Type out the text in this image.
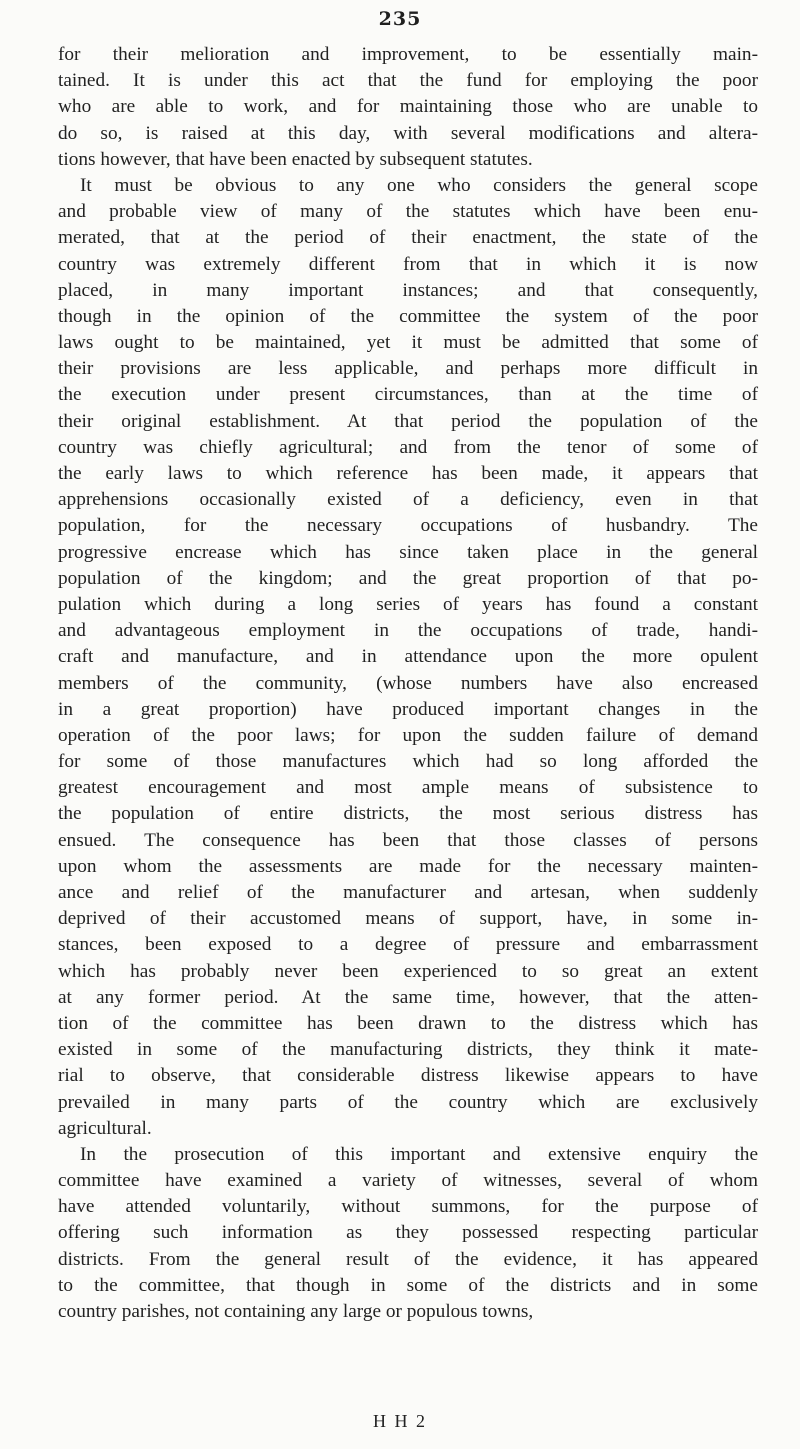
235
for their melioration and improvement, to be essentially main-
tained. It is under this act that the fund for employing the poor
who are able to work, and for maintaining those who are unable to
do so, is raised at this day, with several modifications and altera-
tions however, that have been enacted by subsequent statutes.
It must be obvious to any one who considers the general scope
and probable view of many of the statutes which have been enu-
merated, that at the period of their enactment, the state of the
country was extremely different from that in which it is now
placed, in many important instances; and that consequently,
though in the opinion of the committee the system of the poor
laws ought to be maintained, yet it must be admitted that some of
their provisions are less applicable, and perhaps more difficult in
the execution under present circumstances, than at the time of
their original establishment. At that period the population of the
country was chiefly agricultural; and from the tenor of some of
the early laws to which reference has been made, it appears that
apprehensions occasionally existed of a deficiency, even in that
population, for the necessary occupations of husbandry. The
progressive encrease which has since taken place in the general
population of the kingdom; and the great proportion of that po-
pulation which during a long series of years has found a constant
and advantageous employment in the occupations of trade, handi-
craft and manufacture, and in attendance upon the more opulent
members of the community, (whose numbers have also encreased
in a great proportion) have produced important changes in the
operation of the poor laws; for upon the sudden failure of demand
for some of those manufactures which had so long afforded the
greatest encouragement and most ample means of subsistence to
the population of entire districts, the most serious distress has
ensued. The consequence has been that those classes of persons
upon whom the assessments are made for the necessary mainten-
ance and relief of the manufacturer and artesan, when suddenly
deprived of their accustomed means of support, have, in some in-
stances, been exposed to a degree of pressure and embarrassment
which has probably never been experienced to so great an extent
at any former period. At the same time, however, that the atten-
tion of the committee has been drawn to the distress which has
existed in some of the manufacturing districts, they think it mate-
rial to observe, that considerable distress likewise appears to have
prevailed in many parts of the country which are exclusively
agricultural.
In the prosecution of this important and extensive enquiry the
committee have examined a variety of witnesses, several of whom
have attended voluntarily, without summons, for the purpose of
offering such information as they possessed respecting particular
districts. From the general result of the evidence, it has appeared
to the committee, that though in some of the districts and in some
country parishes, not containing any large or populous towns,
H H 2
